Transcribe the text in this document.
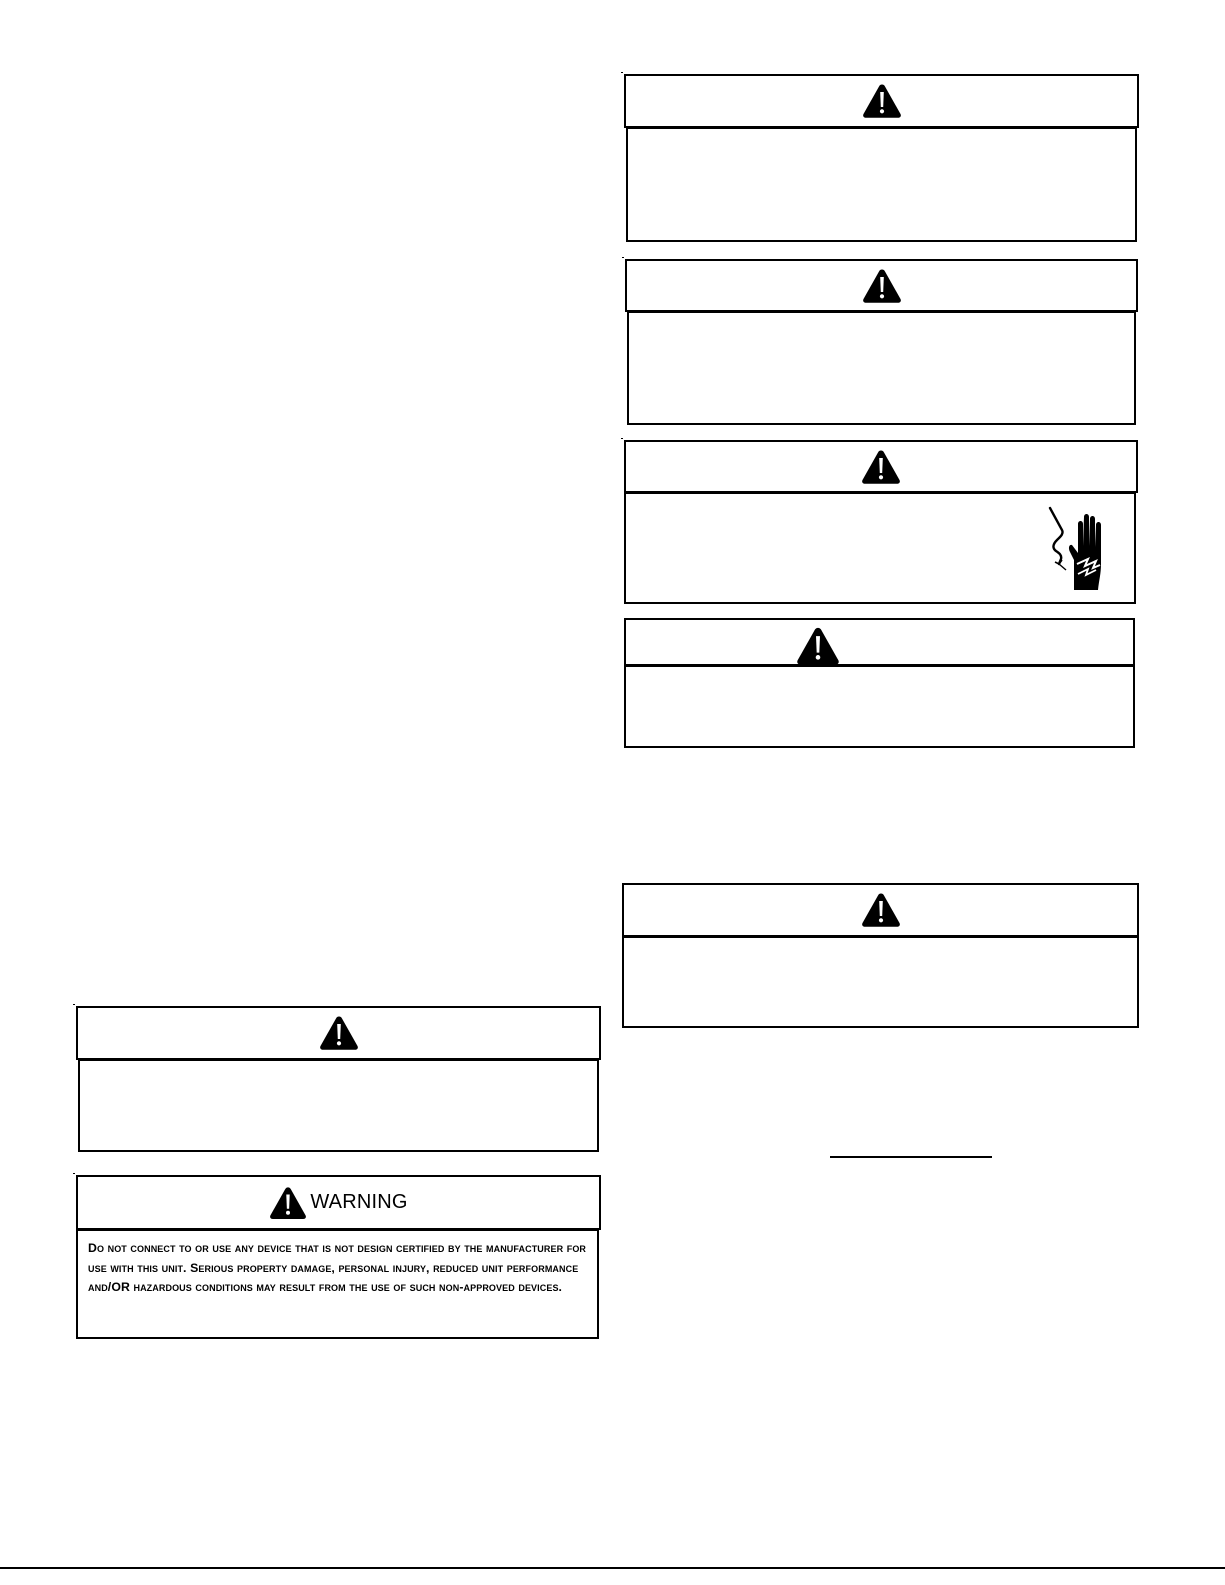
WARNING
Do not connect to or use any device that is not design certified by the manufacturer for use with this unit. Serious property damage, personal injury, reduced unit performance and/OR hazardous conditions may result from the use of such non-approved devices.
